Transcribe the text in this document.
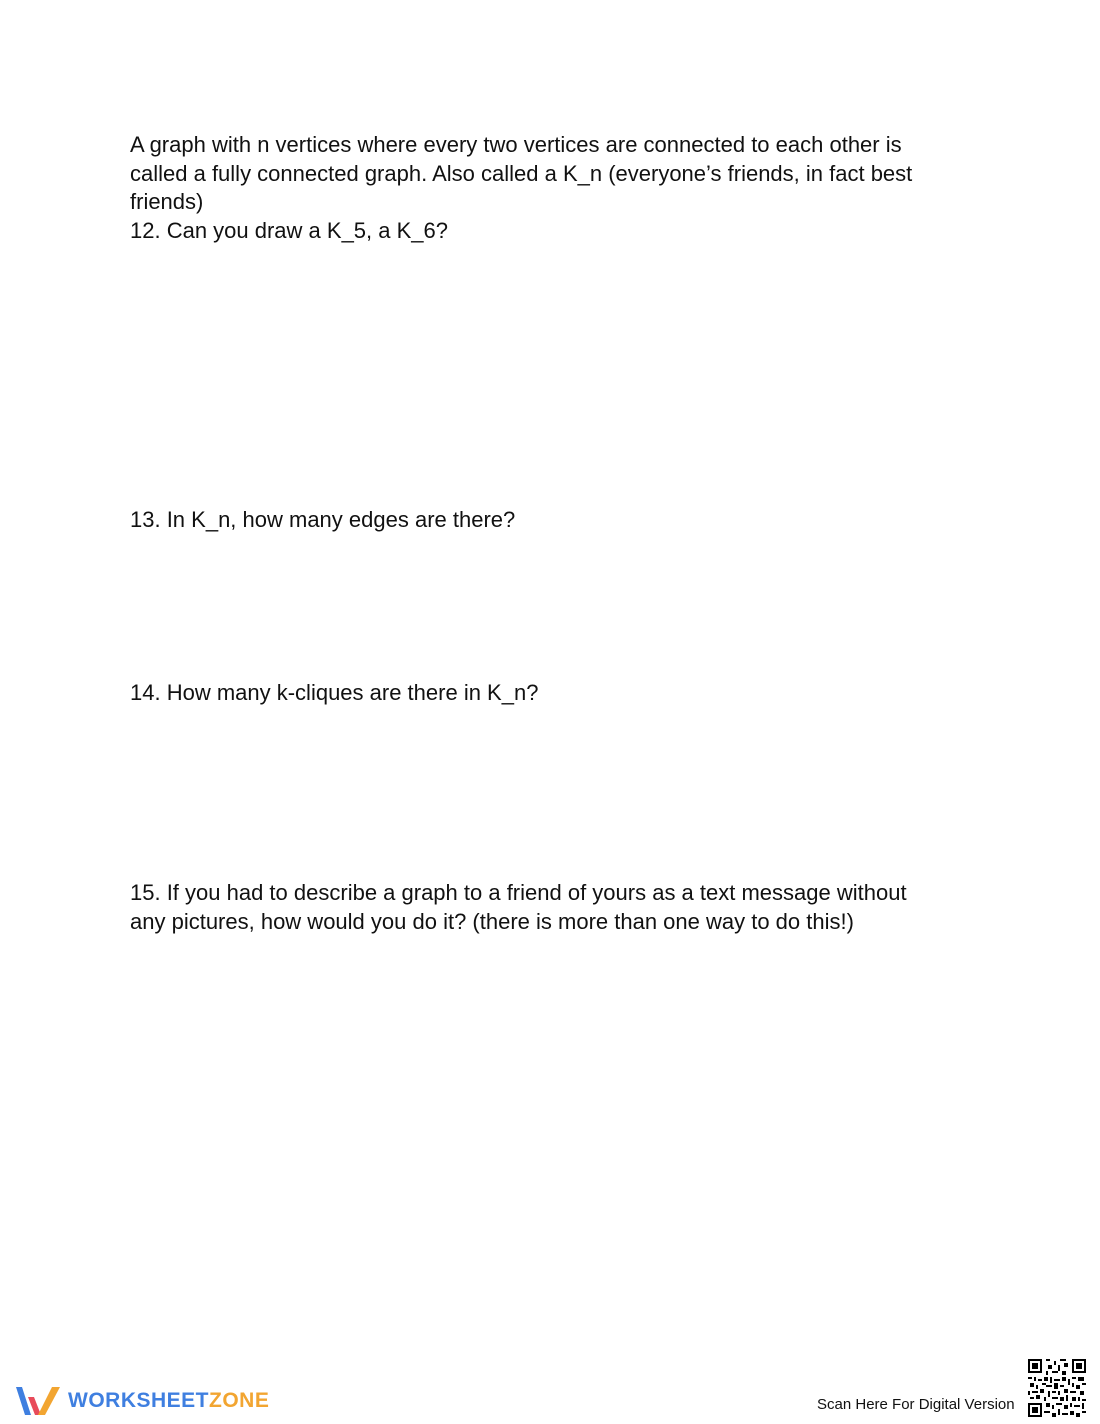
A graph with n vertices where every two vertices are connected to each other is
called a fully connected graph. Also called a K_n (everyone’s friends, in fact best
friends)
12. Can you draw a K_5, a K_6?
13. In K_n, how many edges are there?
14. How many k-cliques are there in K_n?
15. If you had to describe a graph to a friend of yours as a text message without
any pictures, how would you do it? (there is more than one way to do this!)
WORKSHEETZONE	Scan Here For Digital Version
